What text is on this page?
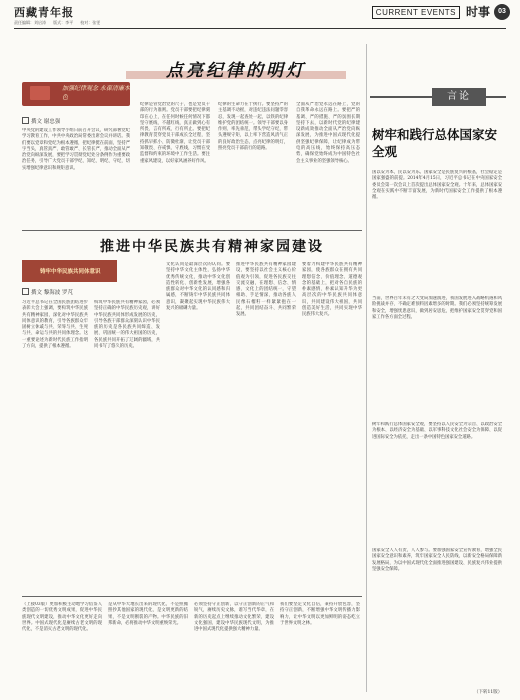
西藏青年报
责任编辑：刘启涛 版式：李平 校对：张雯
CURRENT EVENTS 时事	03
点亮纪律的明灯
加强纪律观念 永葆清廉本色
撰文 谢忠强
中央党的建设工作领导小组日前召开会议，研究部署党纪学习教育工作，中共中央政治局常委出席会议并讲话。我们要以党章和党纪为根本遵循，把纪律挺在前面，坚持严字当头，真管真严、敢管敢严、长管长严，推动全面从严治党向纵深发展，要把学习贯彻党纪处分条例作为重要政治任务，引导广大党员干部学纪、知纪、明纪、守纪，切实增强纪律意识和规矩意识。
纪律是管党治党的尺子，也是党员干部的行为准则。党员干部要把纪律刻印在心上，在任何时候任何情况下都坚守底线、不越红线，真正做到心有所畏、言有所戒、行有所止。要把纪律教育贯穿党员干部成长全过程，坚持抓早抓小、防微杜渐，让党员干部知敬畏、存戒惧、守底线，习惯在受监督和约束的环境中工作生活。要注重家风建设，以好家风涵养好作风。
纪律的生命力在于执行。要坚持严的主基调不动摇，对违纪违法问题零容忍，发现一起查处一起，以铁的纪律维护党的团结统一。领导干部要以身作则、率先垂范，带头学纪守纪，带头遵规守矩，以上率下营造风清气正的良好政治生态，点亮纪律的明灯，照亮党员干部前行的道路。
全面从严治党永远在路上，党的自我革命永远在路上。要把严的基调、严的措施、严的氛围长期坚持下去，以新时代党的纪律建设新成效推动全面从严治党向纵深发展，为推进中国式现代化提供坚强纪律保障，让纪律成为带电的高压线，始终保持高压态势，确保党始终成为中国特色社会主义事业的坚强领导核心。
推进中华民族共有精神家园建设
铸牢中华民族共同体意识
撰文 黎海波 罗芃
习近平总书记在全国民族团结进步表彰大会上强调，要构筑中华民族共有精神家园，深化对中华民族共同体意识的教育，引导各族群众牢固树立休戚与共、荣辱与共、生死与共、命运与共的共同体理念。这一重要论述为新时代民族工作指明了方向，提供了根本遵循。
构筑中华民族共有精神家园，必须坚持正确的中华民族历史观，讲好中华民族共同体形成发展的历史，引导各族干部群众深刻认识中华民族的历史是各民族共同缔造、发展、巩固统一的伟大祖国的历史，各民族共同开拓了辽阔的疆域，共同书写了悠久的历史。
文化认同是最深层次的认同。要坚持中华文化主体性，弘扬中华优秀传统文化，推动中华文化创造性转化、创新性发展，增强各族群众对中华文化的认同感和归属感，不断铸牢中华民族共同体意识，凝聚起实现中华民族伟大复兴的磅礴力量。
推进中华民族共有精神家园建设，要坚持以社会主义核心价值观为引领，促进各民族交往交流交融，在理想、信念、情感、文化上的团结统一，守望相助、手足情深，推动各族人民像石榴籽一样紧紧抱在一起，共同团结奋斗、共同繁荣发展。
要着力构建中华民族共有精神家园，使各族群众在拥有共同理想信念、价值理念、道德观念的基础上，把对各自民族的朴素感情、朴素认知升华为更高层次的中华民族共同体意识，共同建设伟大祖国，共同创造美好生活，共同实现中华民族伟大复兴。
（上接03版）更加积极主动地学习借鉴人类创造的一切优秀文明成果，促进中华民族现代文明建设，推动中华文化更好走向世界。中国式现代化是赓续古老文明的现代化，不是消灭古老文明的现代化。
是从中华大地长出来的现代化，不是照搬照抄其他国家的现代化，是文明更新的结果，不是文明断裂的产物。中华民族的旧邦新命，必将推动中华文明重焕荣光。
必须坚持守正创新，以守正创新的正气和锐气，赓续历史文脉，谱写当代华章，在新的历史起点上继续推动文化繁荣、建设文化强国、建设中华民族现代文明，为推进中国式现代化提供强大精神力量。
我们要坚定文化自信，秉持开放包容，坚持守正创新，不断增强中华文明传播力影响力，让中华文明以更加鲜明的姿态屹立于世界文明之林。
言论
树牢和践行总体国家安全观
国以安为本，民以安为乐。国家安全是民族复兴的根基，社会稳定是国家强盛的前提。2014年4月15日，习近平总书记在中央国家安全委员会第一次会议上首次提出总体国家安全观。十年来，总体国家安全观在实践中不断丰富发展，为新时代国家安全工作提供了根本遵循。
当前，世界百年未有之大变局加速演进，我国发展进入战略机遇和风险挑战并存、不确定难预料因素增多的时期。我们必须坚持统筹发展和安全，增强忧患意识，做到居安思危，把维护国家安全贯穿党和国家工作各方面全过程。
树牢和践行总体国家安全观，要坚持以人民安全为宗旨、以政治安全为根本、以经济安全为基础、以军事科技文化社会安全为保障、以促进国际安全为依托，走出一条中国特色国家安全道路。
国家安全人人有责，人人参与。要加强国家安全宣传教育，增强全民国家安全意识和素养，筑牢国家安全人民防线，以新安全格局保障新发展格局，为以中国式现代化全面推进强国建设、民族复兴伟业提供坚强安全保障。
（下转11版）
